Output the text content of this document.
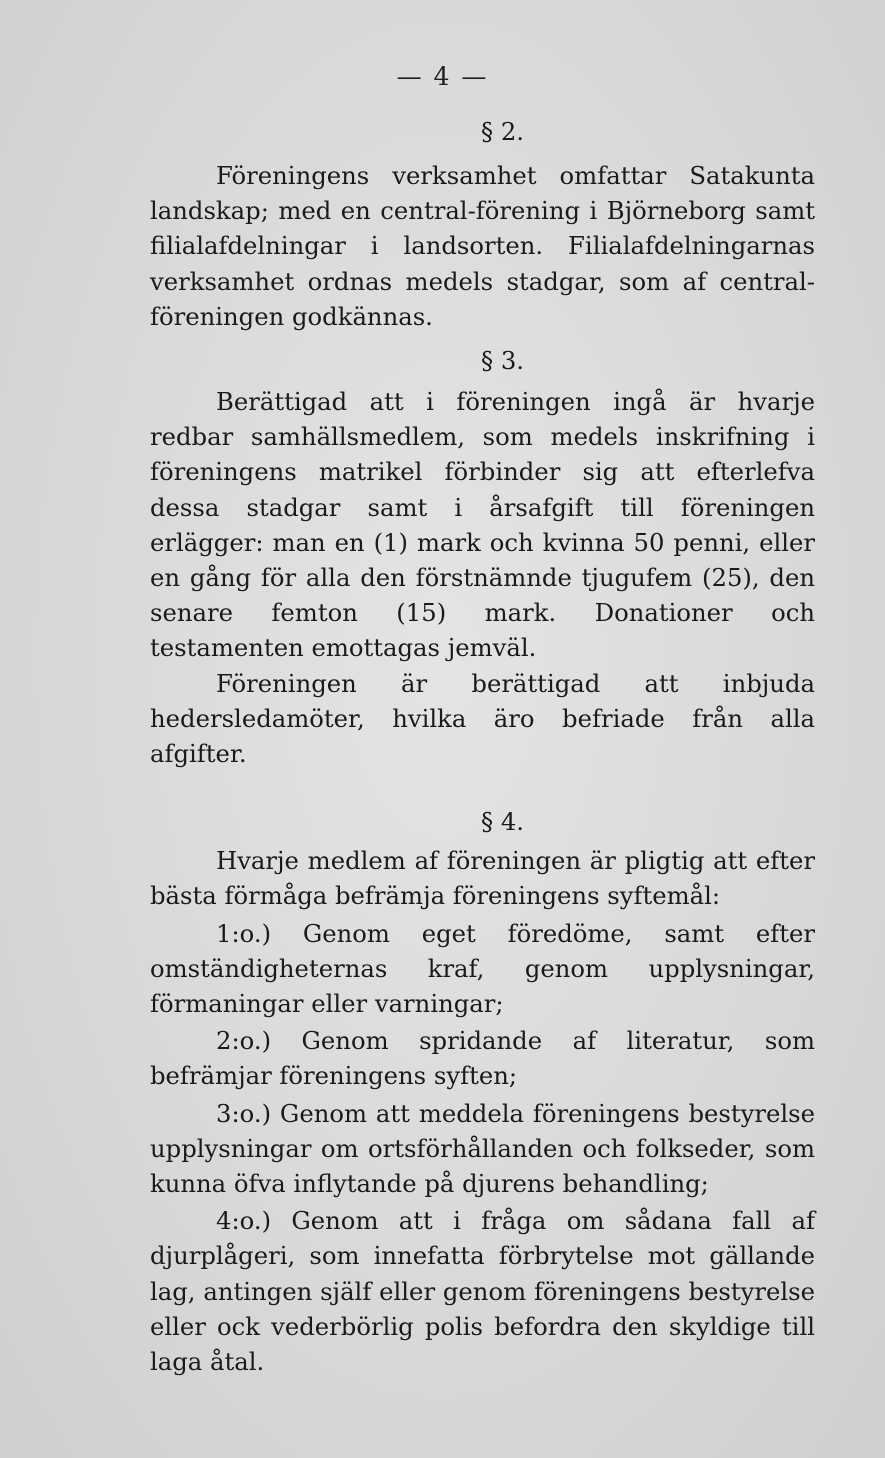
— 4 —

§ 2.

Föreningens verksamhet omfattar Satakunta landskap; med en central-förening i Björneborg samt filialafdelningar i landsorten. Filialafdelningarnas verksamhet ordnas medels stadgar, som af central-föreningen godkännas.

§ 3.

Berättigad att i föreningen ingå är hvarje redbar samhällsmedlem, som medels inskrifning i föreningens matrikel förbinder sig att efterlefva dessa stadgar samt i årsafgift till föreningen erlägger: man en (1) mark och kvinna 50 penni, eller en gång för alla den förstnämnde tjugufem (25), den senare femton (15) mark. Donationer och testamenten emottagas jemväl.

Föreningen är berättigad att inbjuda hedersledamöter, hvilka äro befriade från alla afgifter.

§ 4.

Hvarje medlem af föreningen är pligtig att efter bästa förmåga befrämja föreningens syftemål:

1:o.) Genom eget föredöme, samt efter omständigheternas kraf, genom upplysningar, förmaningar eller varningar;

2:o.) Genom spridande af literatur, som befrämjar föreningens syften;

3:o.) Genom att meddela föreningens bestyrelse upplysningar om ortsförhållanden och folkseder, som kunna öfva inflytande på djurens behandling;

4:o.) Genom att i fråga om sådana fall af djurplågeri, som innefatta förbrytelse mot gällande lag, antingen själf eller genom föreningens bestyrelse eller ock vederbörlig polis befordra den skyldige till laga åtal.
